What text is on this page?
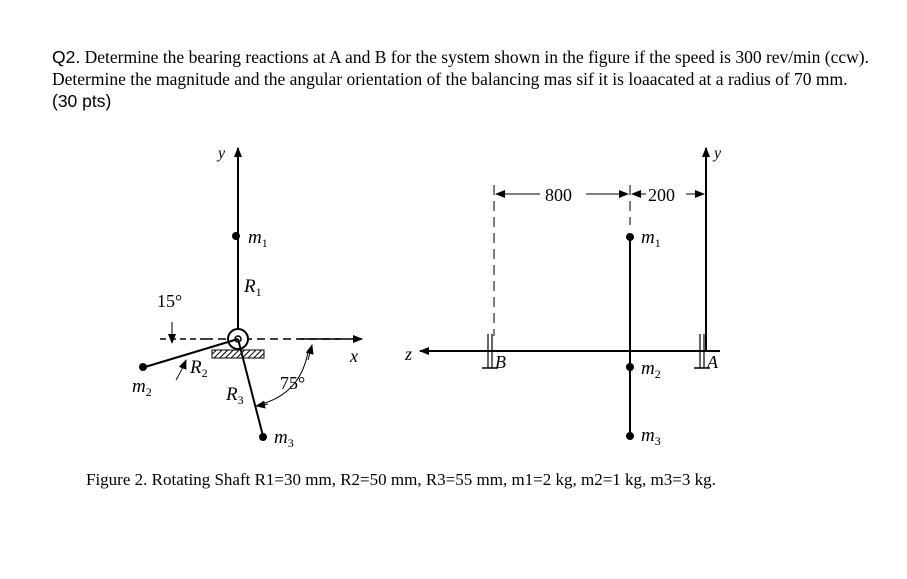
Q2. Determine the bearing reactions at A and B for the system shown in the figure if the speed is 300 rev/min (ccw). Determine the magnitude and the angular orientation of the balancing mas sif it is loaacated at a radius of 70 mm. (30 pts)
y
x
$m_1$
$R_1$
$m_2$
$R_2$
15°
$m_3$
$R_3$
75°
z
y
800	200
B	A
$m_1$
$m_2$
$m_3$
Figure 2. Rotating Shaft R1=30 mm, R2=50 mm, R3=55 mm, m1=2 kg, m2=1 kg, m3=3 kg.
